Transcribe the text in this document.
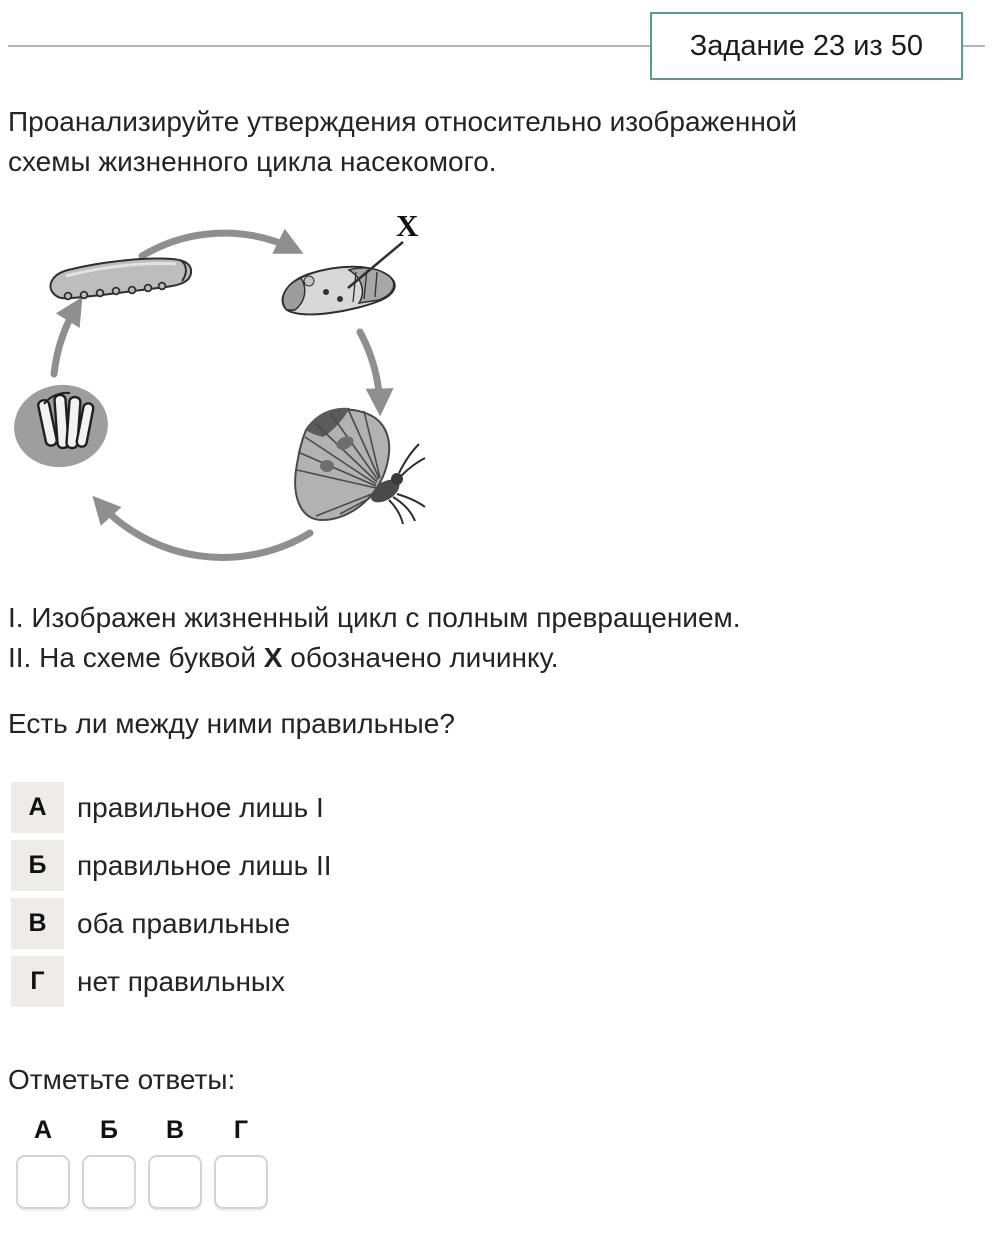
Задание 23 из 50
Проанализируйте утверждения относительно изображенной
схемы жизненного цикла насекомого.
X
I. Изображен жизненный цикл с полным превращением.
II. На схеме буквой X обозначено личинку.
Есть ли между ними правильные?
А	правильное лишь I
Б	правильное лишь II
В	оба правильные
Г	нет правильных
Отметьте ответы:
А	Б	В	Г
